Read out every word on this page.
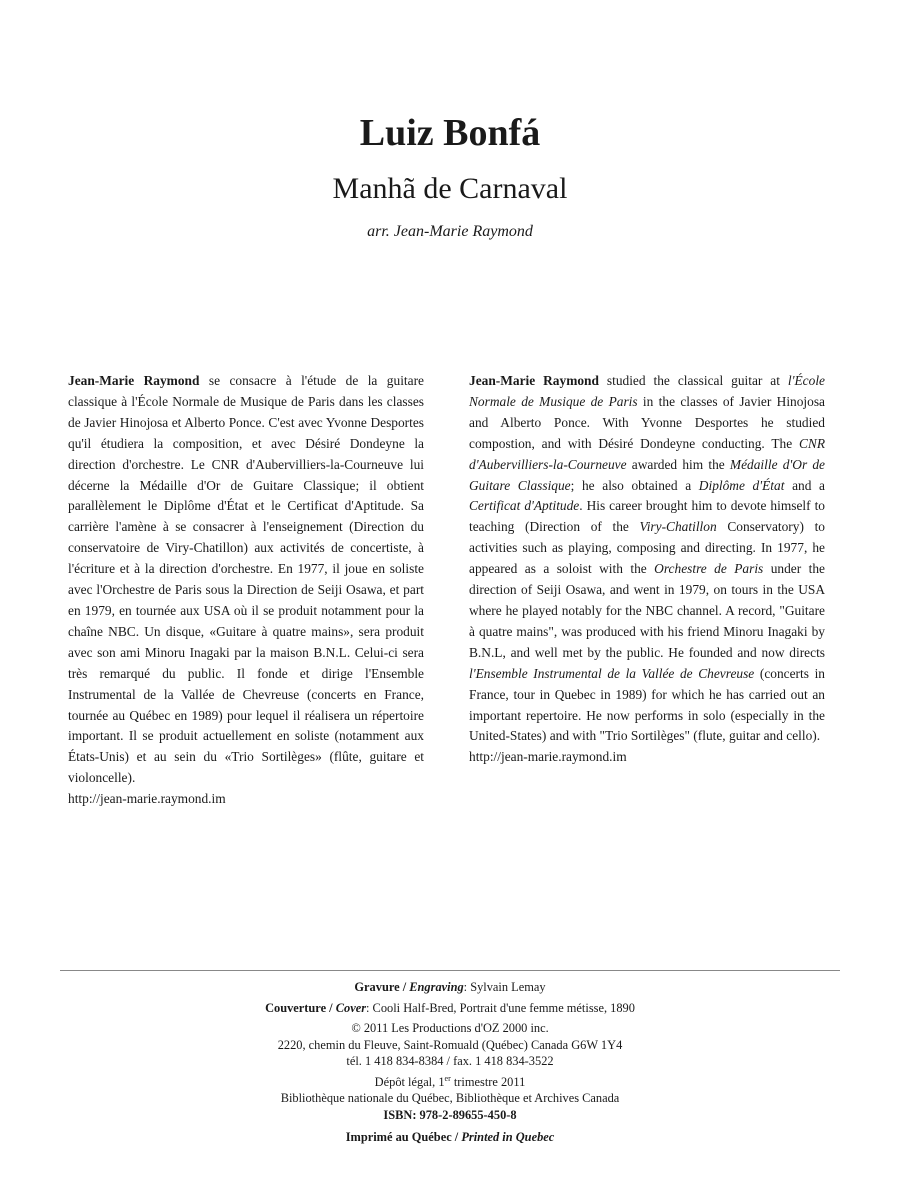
Luiz Bonfá
Manhã de Carnaval
arr. Jean-Marie Raymond

Jean-Marie Raymond se consacre à l'étude de la guitare classique à l'École Normale de Musique de Paris dans les classes de Javier Hinojosa et Alberto Ponce. C'est avec Yvonne Desportes qu'il étudiera la composition, et avec Désiré Dondeyne la direction d'orchestre. Le CNR d'Aubervilliers-la-Courneuve lui décerne la Médaille d'Or de Guitare Classique; il obtient parallèlement le Diplôme d'État et le Certificat d'Aptitude. Sa carrière l'amène à se consacrer à l'enseignement (Direction du conservatoire de Viry-Chatillon) aux activités de concertiste, à l'écriture et à la direction d'orchestre. En 1977, il joue en soliste avec l'Orchestre de Paris sous la Direction de Seiji Osawa, et part en 1979, en tournée aux USA où il se produit notamment pour la chaîne NBC. Un disque, «Guitare à quatre mains», sera produit avec son ami Minoru Inagaki par la maison B.N.L. Celui-ci sera très remarqué du public. Il fonde et dirige l'Ensemble Instrumental de la Vallée de Chevreuse (concerts en France, tournée au Québec en 1989) pour lequel il réalisera un répertoire important. Il se produit actuellement en soliste (notamment aux États-Unis) et au sein du «Trio Sortilèges» (flûte, guitare et violoncelle).

http://jean-marie.raymond.im

Jean-Marie Raymond studied the classical guitar at l'École Normale de Musique de Paris in the classes of Javier Hinojosa and Alberto Ponce. With Yvonne Desportes he studied compostion, and with Désiré Dondeyne conducting. The CNR d'Aubervilliers-la-Courneuve awarded him the Médaille d'Or de Guitare Classique; he also obtained a Diplôme d'État and a Certificat d'Aptitude. His career brought him to devote himself to teaching (Direction of the Viry-Chatillon Conservatory) to activities such as playing, composing and directing. In 1977, he appeared as a soloist with the Orchestre de Paris under the direction of Seiji Osawa, and went in 1979, on tours in the USA where he played notably for the NBC channel. A record, "Guitare à quatre mains", was produced with his friend Minoru Inagaki by B.N.L, and well met by the public. He founded and now directs l'Ensemble Instrumental de la Vallée de Chevreuse (concerts in France, tour in Quebec in 1989) for which he has carried out an important repertoire. He now performs in solo (especially in the United-States) and with "Trio Sortilèges" (flute, guitar and cello).

http://jean-marie.raymond.im

Gravure / Engraving: Sylvain Lemay
Couverture / Cover: Cooli Half-Bred, Portrait d'une femme métisse, 1890
© 2011 Les Productions d'OZ 2000 inc.
2220, chemin du Fleuve, Saint-Romuald (Québec) Canada G6W 1Y4
tél. 1 418 834-8384 / fax. 1 418 834-3522
Dépôt légal, 1er trimestre 2011
Bibliothèque nationale du Québec, Bibliothèque et Archives Canada
ISBN: 978-2-89655-450-8
Imprimé au Québec / Printed in Quebec
